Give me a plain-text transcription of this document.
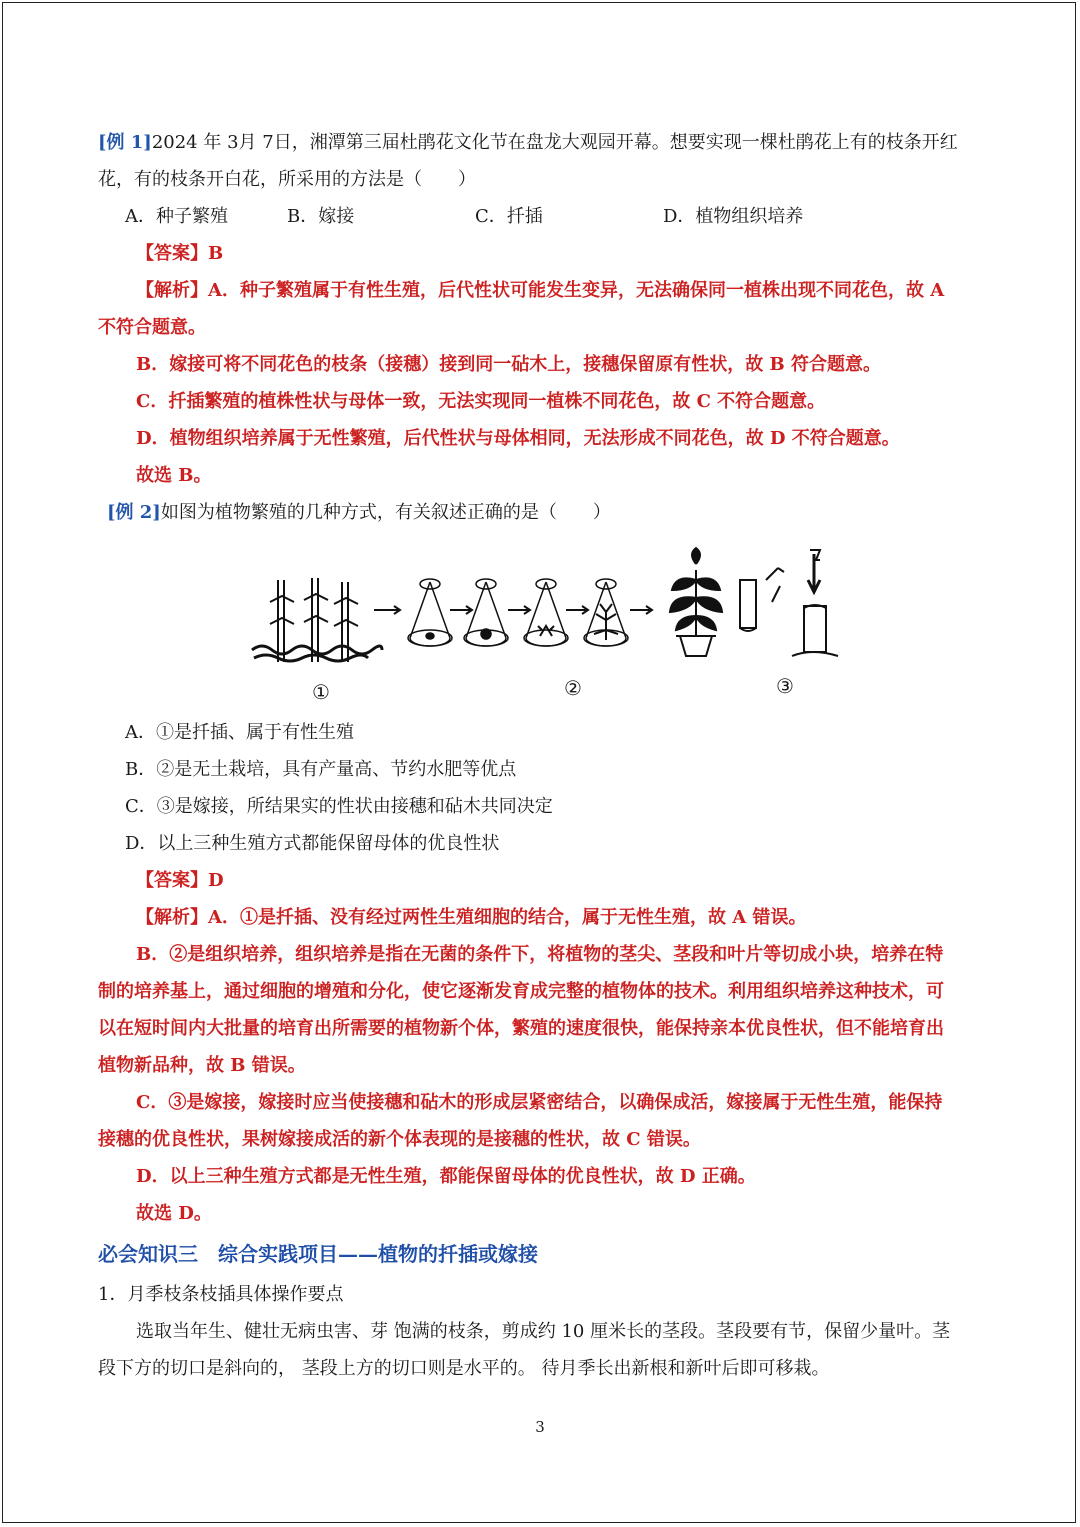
[例 1]2024 年 3月 7日，湘潭第三届杜鹃花文化节在盘龙大观园开幕。想要实现一棵杜鹃花上有的枝条开红
花，有的枝条开白花，所采用的方法是（　　）
A．种子繁殖	B．嫁接	C．扦插	D．植物组织培养
【答案】B
【解析】A．种子繁殖属于有性生殖，后代性状可能发生变异，无法确保同一植株出现不同花色，故 A
不符合题意。
B．嫁接可将不同花色的枝条（接穗）接到同一砧木上，接穗保留原有性状，故 B 符合题意。
C．扦插繁殖的植株性状与母体一致，无法实现同一植株不同花色，故 C 不符合题意。
D．植物组织培养属于无性繁殖，后代性状与母体相同，无法形成不同花色，故 D 不符合题意。
故选 B。
[例 2]如图为植物繁殖的几种方式，有关叙述正确的是（　　）
①	②	③
A．①是扦插、属于有性生殖
B．②是无土栽培，具有产量高、节约水肥等优点
C．③是嫁接，所结果实的性状由接穗和砧木共同决定
D．以上三种生殖方式都能保留母体的优良性状
【答案】D
【解析】A．①是扦插、没有经过两性生殖细胞的结合，属于无性生殖，故 A 错误。
B．②是组织培养，组织培养是指在无菌的条件下，将植物的茎尖、茎段和叶片等切成小块，培养在特
制的培养基上，通过细胞的增殖和分化，使它逐渐发育成完整的植物体的技术。利用组织培养这种技术，可
以在短时间内大批量的培育出所需要的植物新个体，繁殖的速度很快，能保持亲本优良性状，但不能培育出
植物新品种，故 B 错误。
C．③是嫁接，嫁接时应当使接穗和砧木的形成层紧密结合，以确保成活，嫁接属于无性生殖，能保持
接穗的优良性状，果树嫁接成活的新个体表现的是接穗的性状，故 C 错误。
D．以上三种生殖方式都是无性生殖，都能保留母体的优良性状，故 D 正确。
故选 D。
必会知识三　综合实践项目——植物的扦插或嫁接
1．月季枝条枝插具体操作要点
选取当年生、健壮无病虫害、芽 饱满的枝条，剪成约 10 厘米长的茎段。茎段要有节，保留少量叶。茎
段下方的切口是斜向的， 茎段上方的切口则是水平的。 待月季长出新根和新叶后即可移栽。
3
